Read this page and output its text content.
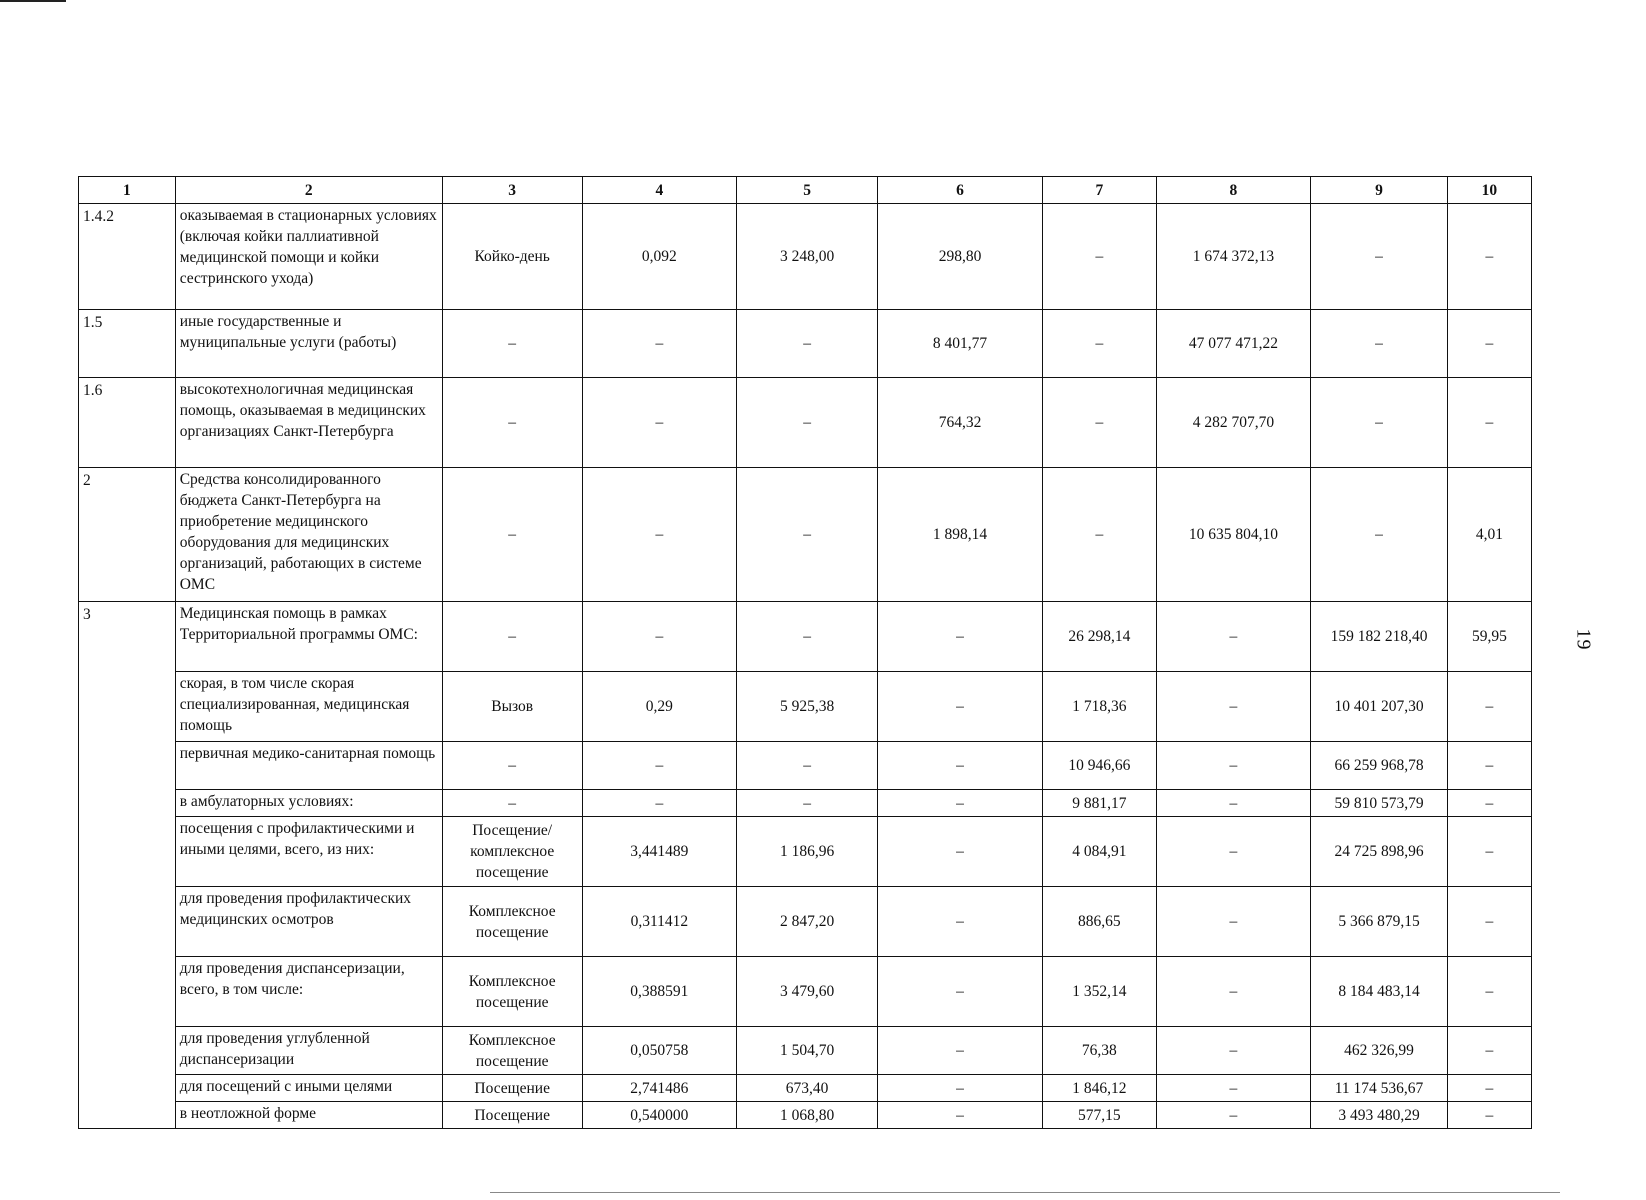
1	2	3	4	5	6	7	8	9	10
1.4.2	оказываемая в стационарных условиях (включая койки паллиативной медицинской помощи и койки сестринского ухода)	Койко-день	0,092	3 248,00	298,80	–	1 674 372,13	–	–
1.5	иные государственные и муниципальные услуги (работы)	–	–	–	8 401,77	–	47 077 471,22	–	–
1.6	высокотехнологичная медицинская помощь, оказываемая в медицинских организациях Санкт-Петербурга	–	–	–	764,32	–	4 282 707,70	–	–
2	Средства консолидированного бюджета Санкт-Петербурга на приобретение медицинского оборудования для медицинских организаций, работающих в системе ОМС	–	–	–	1 898,14	–	10 635 804,10	–	4,01
3	Медицинская помощь в рамках Территориальной программы ОМС:	–	–	–	–	26 298,14	–	159 182 218,40	59,95
	скорая, в том числе скорая специализированная, медицинская помощь	Вызов	0,29	5 925,38	–	1 718,36	–	10 401 207,30	–
	первичная медико-санитарная помощь	–	–	–	–	10 946,66	–	66 259 968,78	–
	в амбулаторных условиях:	–	–	–	–	9 881,17	–	59 810 573,79	–
	посещения с профилактическими и иными целями, всего, из них:	Посещение/ комплексное посещение	3,441489	1 186,96	–	4 084,91	–	24 725 898,96	–
	для проведения профилактических медицинских осмотров	Комплексное посещение	0,311412	2 847,20	–	886,65	–	5 366 879,15	–
	для проведения диспансеризации, всего, в том числе:	Комплексное посещение	0,388591	3 479,60	–	1 352,14	–	8 184 483,14	–
	для проведения углубленной диспансеризации	Комплексное посещение	0,050758	1 504,70	–	76,38	–	462 326,99	–
	для посещений с иными целями	Посещение	2,741486	673,40	–	1 846,12	–	11 174 536,67	–
	в неотложной форме	Посещение	0,540000	1 068,80	–	577,15	–	3 493 480,29	–
19
